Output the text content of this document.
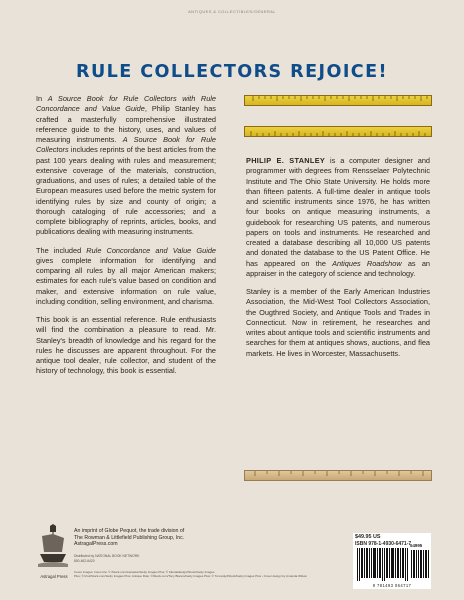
ANTIQUES & COLLECTIBLES/GENERAL
RULE COLLECTORS REJOICE!

In A Source Book for Rule Collectors with Rule Concordance and Value Guide, Philip Stanley has crafted a masterfully comprehensive illustrated reference guide to the history, uses, and values of measuring instruments. A Source Book for Rule Collectors includes reprints of the best articles from the past 100 years dealing with rules and measurement; extensive coverage of the materials, construction, graduations, and uses of rules; a detailed table of the European measures used before the metric system for identifying rules by size and county of origin; a thorough cataloging of rule accessories; and a complete bibliography of reprints, articles, books, and publications dealing with measuring instruments.

The included Rule Concordance and Value Guide gives complete information for identifying and comparing all rules by all major American makers; estimates for each rule's value based on condition and maker, and extensive information on rule value, including condition, selling environment, and charisma.

This book is an essential reference. Rule enthusiasts will find the combination a pleasure to read. Mr. Stanley's breadth of knowledge and his regard for the rules he discusses are apparent throughout. For the antique tool dealer, rule collector, and student of the history of technology, this book is essential.

PHILIP E. STANLEY is a computer designer and programmer with degrees from Rensselaer Polytechnic Institute and The Ohio State University. He holds more than fifteen patents. A full-time dealer in antique tools and scientific instruments since 1976, he has written four books on antique measuring instruments, a guidebook for researching US patents, and numerous papers on tools and instruments. He researched and created a database describing all 10,000 US patents and donated the database to the US Patent Office. He has appeared on the Antiques Roadshow as an appraiser in the category of science and technology.

Stanley is a member of the Early American Industries Association, the Mid-West Tool Collectors Association, the Ougthred Society, and Antique Tools and Trades in Connecticut. Now in retirement, he researches and writes about antique tools and scientific instruments and searches for them at antiques shows, auctions, and flea markets. He lives in Worcester, Massachusetts.

Astragal Press
An imprint of Globe Pequot, the trade division of
The Rowman & Littlefield Publishing Group, Inc.
AstragalPress.com
Distributed by NATIONAL BOOK NETWORK
800-462-6420
Cover images: Inset rule: © iStock.com/ivanastar/Getty Images Plus; © Mentaldesign/iStock/Getty Images
Plus; © khu/iStock.com/Getty Images Plus; Antique Rule: ©iStock.com/Tony Bianco/Getty Images Plus; © Turovsky/iStock/Getty Images Plus • Cover design by Amanda Wilson
$49.95 US
ISBN 978-1-4930-6471-7
54995
9 781493 064717
